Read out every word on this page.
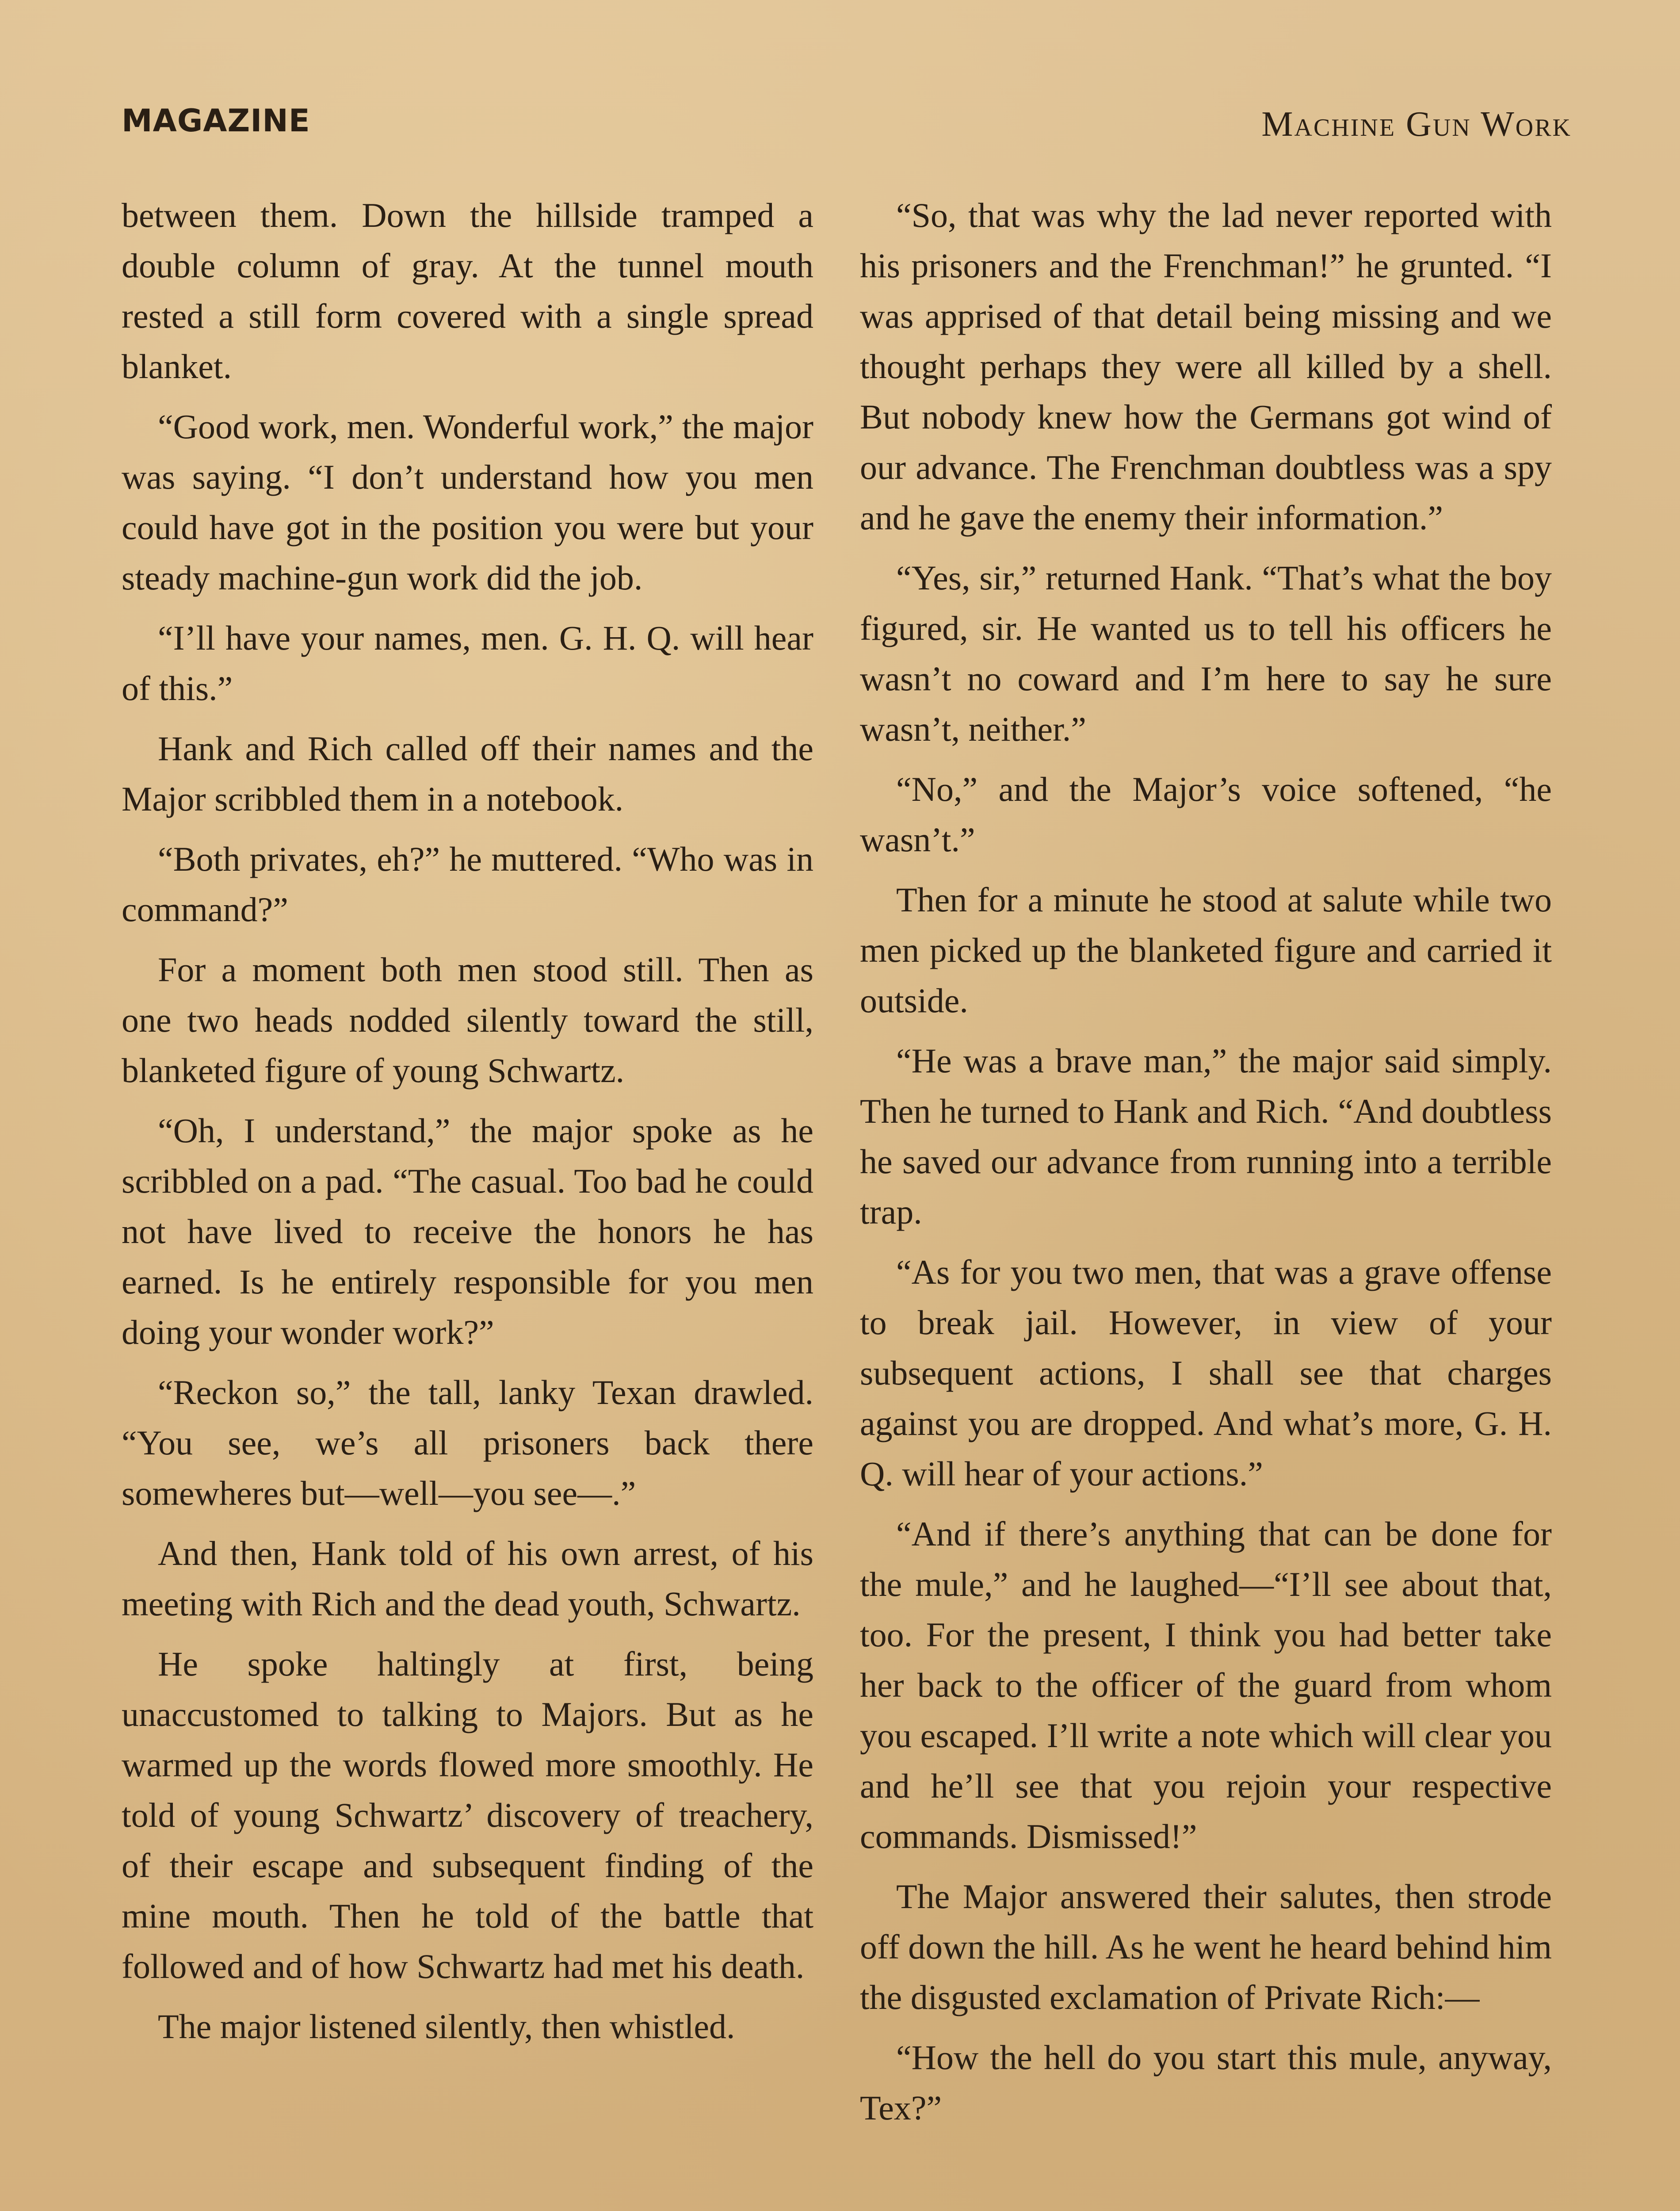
MAGAZINE	Machine Gun Work

between them. Down the hillside tramped a double column of gray. At the tunnel mouth rested a still form covered with a single spread blanket.

“Good work, men. Wonderful work,” the major was saying. “I don’t understand how you men could have got in the position you were but your steady machine-gun work did the job.

“I’ll have your names, men. G. H. Q. will hear of this.”

Hank and Rich called off their names and the Major scribbled them in a notebook.

“Both privates, eh?” he muttered. “Who was in command?”

For a moment both men stood still. Then as one two heads nodded silently toward the still, blanketed figure of young Schwartz.

“Oh, I understand,” the major spoke as he scribbled on a pad. “The casual. Too bad he could not have lived to receive the honors he has earned. Is he entirely responsible for you men doing your wonder work?”

“Reckon so,” the tall, lanky Texan drawled. “You see, we’s all prisoners back there somewheres but—well—you see—.”

And then, Hank told of his own arrest, of his meeting with Rich and the dead youth, Schwartz.

He spoke haltingly at first, being unaccustomed to talking to Majors. But as he warmed up the words flowed more smoothly. He told of young Schwartz’ discovery of treachery, of their escape and subsequent finding of the mine mouth. Then he told of the battle that followed and of how Schwartz had met his death.

The major listened silently, then whistled.

“So, that was why the lad never reported with his prisoners and the Frenchman!” he grunted. “I was apprised of that detail being missing and we thought perhaps they were all killed by a shell. But nobody knew how the Germans got wind of our advance. The Frenchman doubtless was a spy and he gave the enemy their information.”

“Yes, sir,” returned Hank. “That’s what the boy figured, sir. He wanted us to tell his officers he wasn’t no coward and I’m here to say he sure wasn’t, neither.”

“No,” and the Major’s voice softened, “he wasn’t.”

Then for a minute he stood at salute while two men picked up the blanketed figure and carried it outside.

“He was a brave man,” the major said simply. Then he turned to Hank and Rich. “And doubtless he saved our advance from running into a terrible trap.

“As for you two men, that was a grave offense to break jail. However, in view of your subsequent actions, I shall see that charges against you are dropped. And what’s more, G. H. Q. will hear of your actions.”

“And if there’s anything that can be done for the mule,” and he laughed—“I’ll see about that, too. For the present, I think you had better take her back to the officer of the guard from whom you escaped. I’ll write a note which will clear you and he’ll see that you rejoin your respective commands. Dismissed!”

The Major answered their salutes, then strode off down the hill. As he went he heard behind him the disgusted exclamation of Private Rich:—

“How the hell do you start this mule, anyway, Tex?”
